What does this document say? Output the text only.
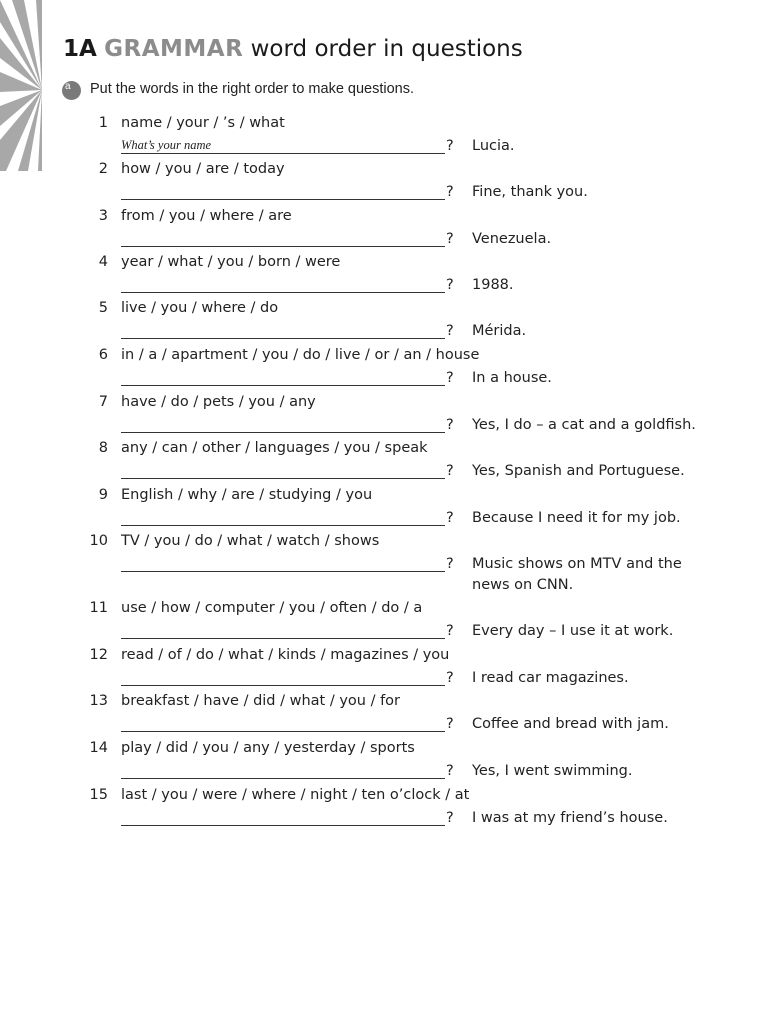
1A GRAMMAR word order in questions
a Put the words in the right order to make questions.
1 name / your / ’s / what
What’s your name	? Lucia.
2 how / you / are / today
? Fine, thank you.
3 from / you / where / are
? Venezuela.
4 year / what / you / born / were
? 1988.
5 live / you / where / do
? Mérida.
6 in / a / apartment / you / do / live / or / an / house
? In a house.
7 have / do / pets / you / any
? Yes, I do – a cat and a goldfish.
8 any / can / other / languages / you / speak
? Yes, Spanish and Portuguese.
9 English / why / are / studying / you
? Because I need it for my job.
10 TV / you / do / what / watch / shows
? Music shows on MTV and the news on CNN.
11 use / how / computer / you / often / do / a
? Every day – I use it at work.
12 read / of / do / what / kinds / magazines / you
? I read car magazines.
13 breakfast / have / did / what / you / for
? Coffee and bread with jam.
14 play / did / you / any / yesterday / sports
? Yes, I went swimming.
15 last / you / were / where / night / ten o’clock / at
? I was at my friend’s house.
